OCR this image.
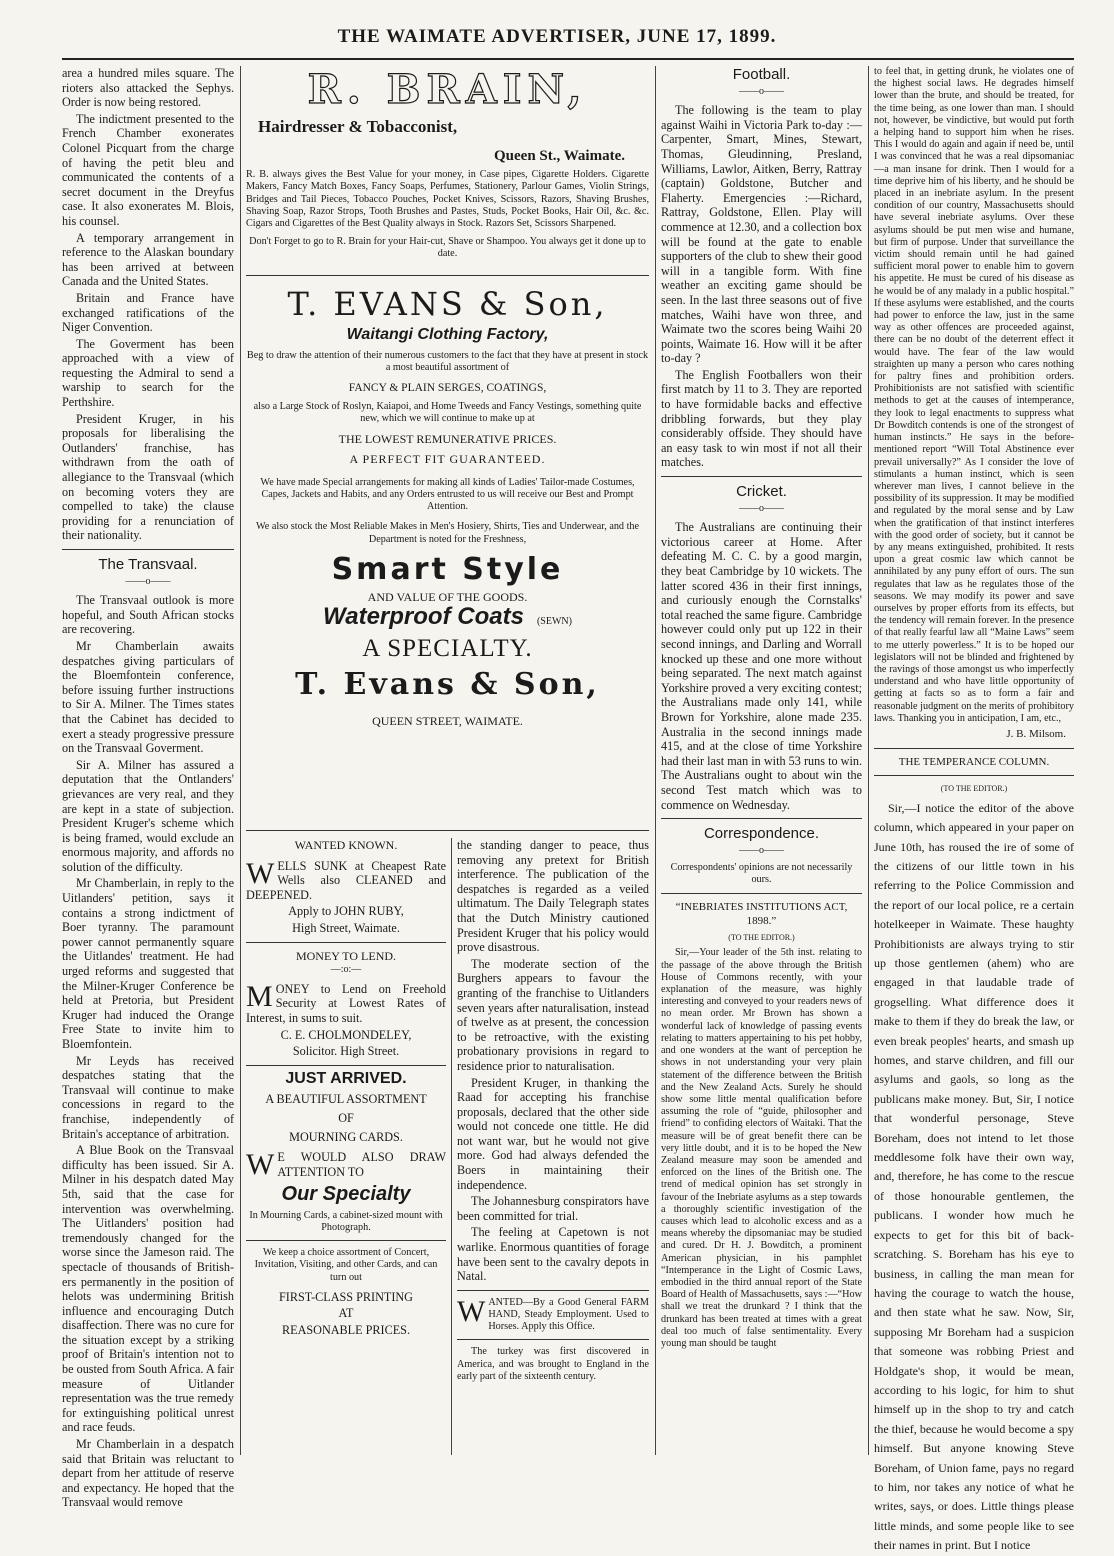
THE WAIMATE ADVERTISER, JUNE 17, 1899.

area a hundred miles square. The rioters also attacked the Sephys. Order is now being restored.

The indictment presented to the French Chamber exonerates Colonel Picquart from the charge of having the petit bleu and communicated the contents of a secret document in the Dreyfus case. It also exonerates M. Blois, his counsel.

A temporary arrangement in reference to the Alaskan boundary has been arrived at between Canada and the United States.

Britain and France have exchanged ratifications of the Niger Convention.

The Goverment has been approached with a view of requesting the Admiral to send a warship to search for the Perthshire.

President Kruger, in his proposals for liberalising the Outlanders' franchise, has withdrawn from the oath of allegiance to the Transvaal (which on becoming voters they are compelled to take) the clause providing for a renunciation of their nationality.

The Transvaal.
——o——

The Transvaal outlook is more hopeful, and South African stocks are recovering.

Mr Chamberlain awaits despatches giving particulars of the Bloemfontein conference, before issuing further instructions to Sir A. Milner. The Times states that the Cabinet has decided to exert a steady progressive pressure on the Transvaal Goverment.

Sir A. Milner has assured a deputation that the Ontlanders' grievances are very real, and they are kept in a state of subjection. President Kruger's scheme which is being framed, would exclude an enormous majority, and affords no solution of the difficulty.

Mr Chamberlain, in reply to the Uitlanders' petition, says it contains a strong indictment of Boer tyranny. The paramount power cannot permanently square the Uitlandes' treatment. He had urged reforms and suggested that the Milner-Kruger Conference be held at Pretoria, but President Kruger had induced the Orange Free State to invite him to Bloemfontein.

Mr Leyds has received despatches stating that the Transvaal will continue to make concessions in regard to the franchise, independently of Britain's acceptance of arbitration.

A Blue Book on the Transvaal difficulty has been issued. Sir A. Milner in his despatch dated May 5th, said that the case for intervention was overwhelming. The Uitlanders' position had tremendously changed for the worse since the Jameson raid. The spectacle of thousands of British-ers permanently in the position of helots was undermining British influence and encouraging Dutch disaffection. There was no cure for the situation except by a striking proof of Britain's intention not to be ousted from South Africa. A fair measure of Uitlander representation was the true remedy for extinguishing political unrest and race feuds.

Mr Chamberlain in a despatch said that Britain was reluctant to depart from her attitude of reserve and expectancy. He hoped that the Transvaal would remove

R. BRAIN,
Hairdresser & Tobacconist,
Queen St., Waimate.

R. B. always gives the Best Value for your money, in Case pipes, Cigarette Holders. Cigarette Makers, Fancy Match Boxes, Fancy Soaps, Perfumes, Stationery, Parlour Games, Violin Strings, Bridges and Tail Pieces, Tobacco Pouches, Pocket Knives, Scissors, Razors, Shaving Brushes, Shaving Soap, Razor Strops, Tooth Brushes and Pastes, Studs, Pocket Books, Hair Oil, &c. &c. Cigars and Cigarettes of the Best Quality always in Stock. Razors Set, Scissors Sharpened.

Don't Forget to go to R. Brain for your Hair-cut, Shave or Shampoo. You always get it done up to date.

T. EVANS & Son,
Waitangi Clothing Factory,

Beg to draw the attention of their numerous customers to the fact that they have at present in stock a most beautiful assortment of

FANCY & PLAIN SERGES, COATINGS,

also a Large Stock of Roslyn, Kaiapoi, and Home Tweeds and Fancy Vestings, something quite new, which we will continue to make up at

THE LOWEST REMUNERATIVE PRICES.

A PERFECT FIT GUARANTEED.

We have made Special arrangements for making all kinds of Ladies' Tailor-made Costumes, Capes, Jackets and Habits, and any Orders entrusted to us will receive our Best and Prompt Attention.

We also stock the Most Reliable Makes in Men's Hosiery, Shirts, Ties and Underwear, and the Department is noted for the Freshness,

Smart Style

AND VALUE OF THE GOODS.

Waterproof Coats (SEWN)
A SPECIALTY.
T. Evans & Son,

QUEEN STREET, WAIMATE.

WANTED KNOWN.

WELLS SUNK at Cheapest Rate Wells also CLEANED and DEEPENED.

Apply to JOHN RUBY,

High Street, Waimate.

MONEY TO LEND.
—:o:—

MONEY to Lend on Freehold Security at Lowest Rates of Interest, in sums to suit.

C. E. CHOLMONDELEY,

Solicitor. High Street.

JUST ARRIVED.

A BEAUTIFUL ASSORTMENT

OF

MOURNING CARDS.

W E WOULD ALSO DRAW ATTENTION TO

Our Specialty

In Mourning Cards, a cabinet-sized mount with Photograph.

We keep a choice assortment of Concert, Invitation, Visiting, and other Cards, and can turn out

FIRST-CLASS PRINTING

AT

REASONABLE PRICES.

the standing danger to peace, thus removing any pretext for British interference. The publication of the despatches is regarded as a veiled ultimatum. The Daily Telegraph states that the Dutch Ministry cautioned President Kruger that his policy would prove disastrous.

The moderate section of the Burghers appears to favour the granting of the franchise to Uitlanders seven years after naturalisation, instead of twelve as at present, the concession to be retroactive, with the existing probationary provisions in regard to residence prior to naturalisation.

President Kruger, in thanking the Raad for accepting his franchise proposals, declared that the other side would not concede one tittle. He did not want war, but he would not give more. God had always defended the Boers in maintaining their independence.

The Johannesburg conspirators have been committed for trial.

The feeling at Capetown is not warlike. Enormous quantities of forage have been sent to the cavalry depots in Natal.

WANTED—By a Good General FARM HAND, Steady Employment. Used to Horses. Apply this Office.

The turkey was first discovered in America, and was brought to England in the early part of the sixteenth century.

Football.
——o——

The following is the team to play against Waihi in Victoria Park to-day :—Carpenter, Smart, Mines, Stewart, Thomas, Gleudinning, Presland, Williams, Lawlor, Aitken, Berry, Rattray (captain) Goldstone, Butcher and Flaherty. Emergencies :—Richard, Rattray, Goldstone, Ellen. Play will commence at 12.30, and a collection box will be found at the gate to enable supporters of the club to shew their good will in a tangible form. With fine weather an exciting game should be seen. In the last three seasons out of five matches, Waihi have won three, and Waimate two the scores being Waihi 20 points, Waimate 16. How will it be after to-day ?

The English Footballers won their first match by 11 to 3. They are reported to have formidable backs and effective dribbling forwards, but they play considerably offside. They should have an easy task to win most if not all their matches.

Cricket.
——o——

The Australians are continuing their victorious career at Home. After defeating M. C. C. by a good margin, they beat Cambridge by 10 wickets. The latter scored 436 in their first innings, and curiously enough the Cornstalks' total reached the same figure. Cambridge however could only put up 122 in their second innings, and Darling and Worrall knocked up these and one more without being separated. The next match against Yorkshire proved a very exciting contest; the Australians made only 141, while Brown for Yorkshire, alone made 235. Australia in the second innings made 415, and at the close of time Yorkshire had their last man in with 53 runs to win. The Australians ought to about win the second Test match which was to commence on Wednesday.

Correspondence.
——o——

Correspondents' opinions are not necessarily ours.

“INEBRIATES INSTITUTIONS ACT, 1898.”

(TO THE EDITOR.)

Sir,—Your leader of the 5th inst. relating to the passage of the above through the British House of Commons recently, with your explanation of the measure, was highly interesting and conveyed to your readers news of no mean order. Mr Brown has shown a wonderful lack of knowledge of passing events relating to matters appertaining to his pet hobby, and one wonders at the want of perception he shows in not understanding your very plain statement of the difference between the British and the New Zealand Acts. Surely he should show some little mental qualification before assuming the role of “guide, philosopher and friend” to confiding electors of Waitaki. That the measure will be of great benefit there can be very little doubt, and it is to be hoped the New Zealand measure may soon be amended and enforced on the lines of the British one. The trend of medical opinion has set strongly in favour of the Inebriate asylums as a step towards a thoroughly scientific investigation of the causes which lead to alcoholic excess and as a means whereby the dipsomaniac may be studied and cured. Dr H. J. Bowditch, a prominent American physician, in his pamphlet “Intemperance in the Light of Cosmic Laws, embodied in the third annual report of the State Board of Health of Massachusetts, says :—“How shall we treat the drunkard ? I think that the drunkard has been treated at times with a great deal too much of false sentimentality. Every young man should be taught

to feel that, in getting drunk, he violates one of the highest social laws. He degrades himself lower than the brute, and should be treated, for the time being, as one lower than man. I should not, however, be vindictive, but would put forth a helping hand to support him when he rises. This I would do again and again if need be, until I was convinced that he was a real dipsomaniac—a man insane for drink. Then I would for a time deprive him of his liberty, and he should be placed in an inebriate asylum. In the present condition of our country, Massachusetts should have several inebriate asylums. Over these asylums should be put men wise and humane, but firm of purpose. Under that surveillance the victim should remain until he had gained sufficient moral power to enable him to govern his appetite. He must be cured of his disease as he would be of any malady in a public hospital.” If these asylums were established, and the courts had power to enforce the law, just in the same way as other offences are proceeded against, there can be no doubt of the deterrent effect it would have. The fear of the law would straighten up many a person who cares nothing for paltry fines and prohibition orders. Prohibitionists are not satisfied with scientific methods to get at the causes of intemperance, they look to legal enactments to suppress what Dr Bowditch contends is one of the strongest of human instincts.” He says in the before-mentioned report “Will Total Abstinence ever prevail universally?” As I consider the love of stimulants a human instinct, which is seen wherever man lives, I cannot believe in the possibility of its suppression. It may be modified and regulated by the moral sense and by Law when the gratification of that instinct interferes with the good order of society, but it cannot be by any means extinguished, prohibited. It rests upon a great cosmic law which cannot be annihilated by any puny effort of ours. The sun regulates that law as he regulates those of the seasons. We may modify its power and save ourselves by proper efforts from its effects, but the tendency will remain forever. In the presence of that really fearful law all “Maine Laws” seem to me utterly powerless.” It is to be hoped our legislators will not be blinded and frightened by the ravings of those amongst us who imperfectly understand and who have little opportunity of getting at facts so as to form a fair and reasonable judgment on the merits of prohibitory laws. Thanking you in anticipation, I am, etc.,

J. B. Milsom.

THE TEMPERANCE COLUMN.

(TO THE EDITOR.)

Sir,—I notice the editor of the above column, which appeared in your paper on June 10th, has roused the ire of some of the citizens of our little town in his referring to the Police Commission and the report of our local police, re a certain hotelkeeper in Waimate. These haughty Prohibitionists are always trying to stir up those gentlemen (ahem) who are engaged in that laudable trade of grogselling. What difference does it make to them if they do break the law, or even break peoples' hearts, and smash up homes, and starve children, and fill our asylums and gaols, so long as the publicans make money. But, Sir, I notice that wonderful personage, Steve Boreham, does not intend to let those meddlesome folk have their own way, and, therefore, he has come to the rescue of those honourable gentlemen, the publicans. I wonder how much he expects to get for this bit of back-scratching. S. Boreham has his eye to business, in calling the man mean for having the courage to watch the house, and then state what he saw. Now, Sir, supposing Mr Boreham had a suspicion that someone was robbing Priest and Holdgate's shop, it would be mean, according to his logic, for him to shut himself up in the shop to try and catch the thief, because he would become a spy himself. But anyone knowing Steve Boreham, of Union fame, pays no regard to him, nor takes any notice of what he writes, says, or does. Little things please little minds, and some people like to see their names in print. But I notice
